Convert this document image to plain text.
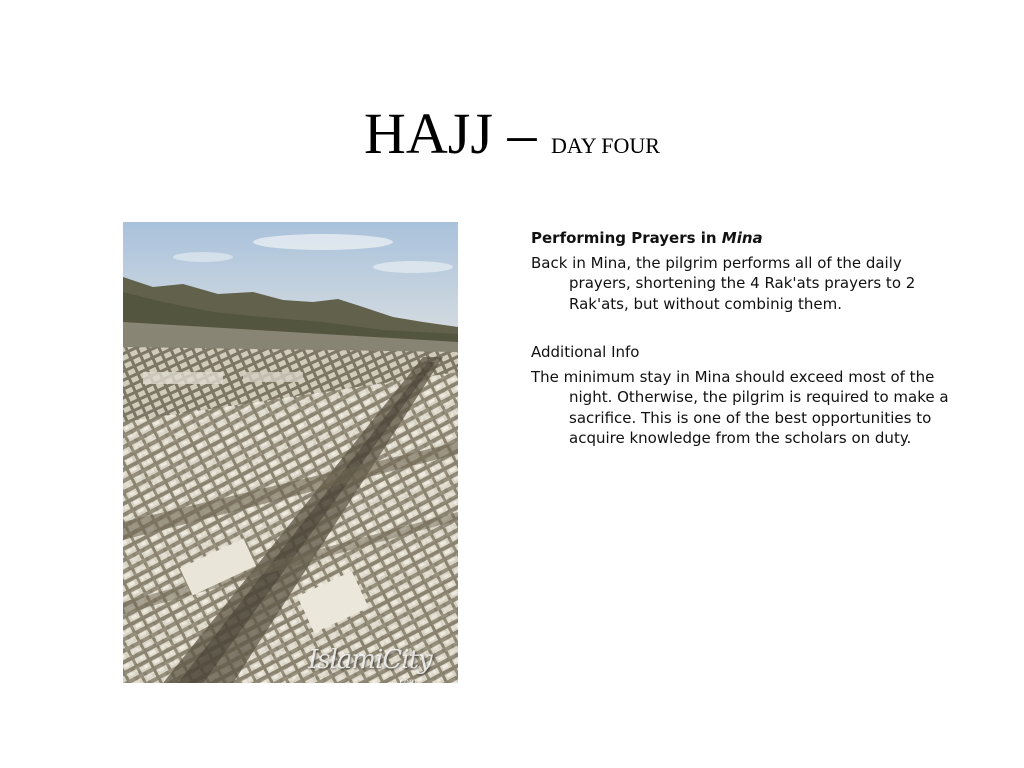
HAJJ – DAY FOUR
IslamiCity
.com

Performing Prayers in Mina

Back in Mina, the pilgrim performs all of the daily prayers, shortening the 4 Rak'ats prayers to 2 Rak'ats, but without combinig them.

Additional Info

The minimum stay in Mina should exceed most of the night. Otherwise, the pilgrim is required to make a sacrifice. This is one of the best opportunities to acquire knowledge from the scholars on duty.
